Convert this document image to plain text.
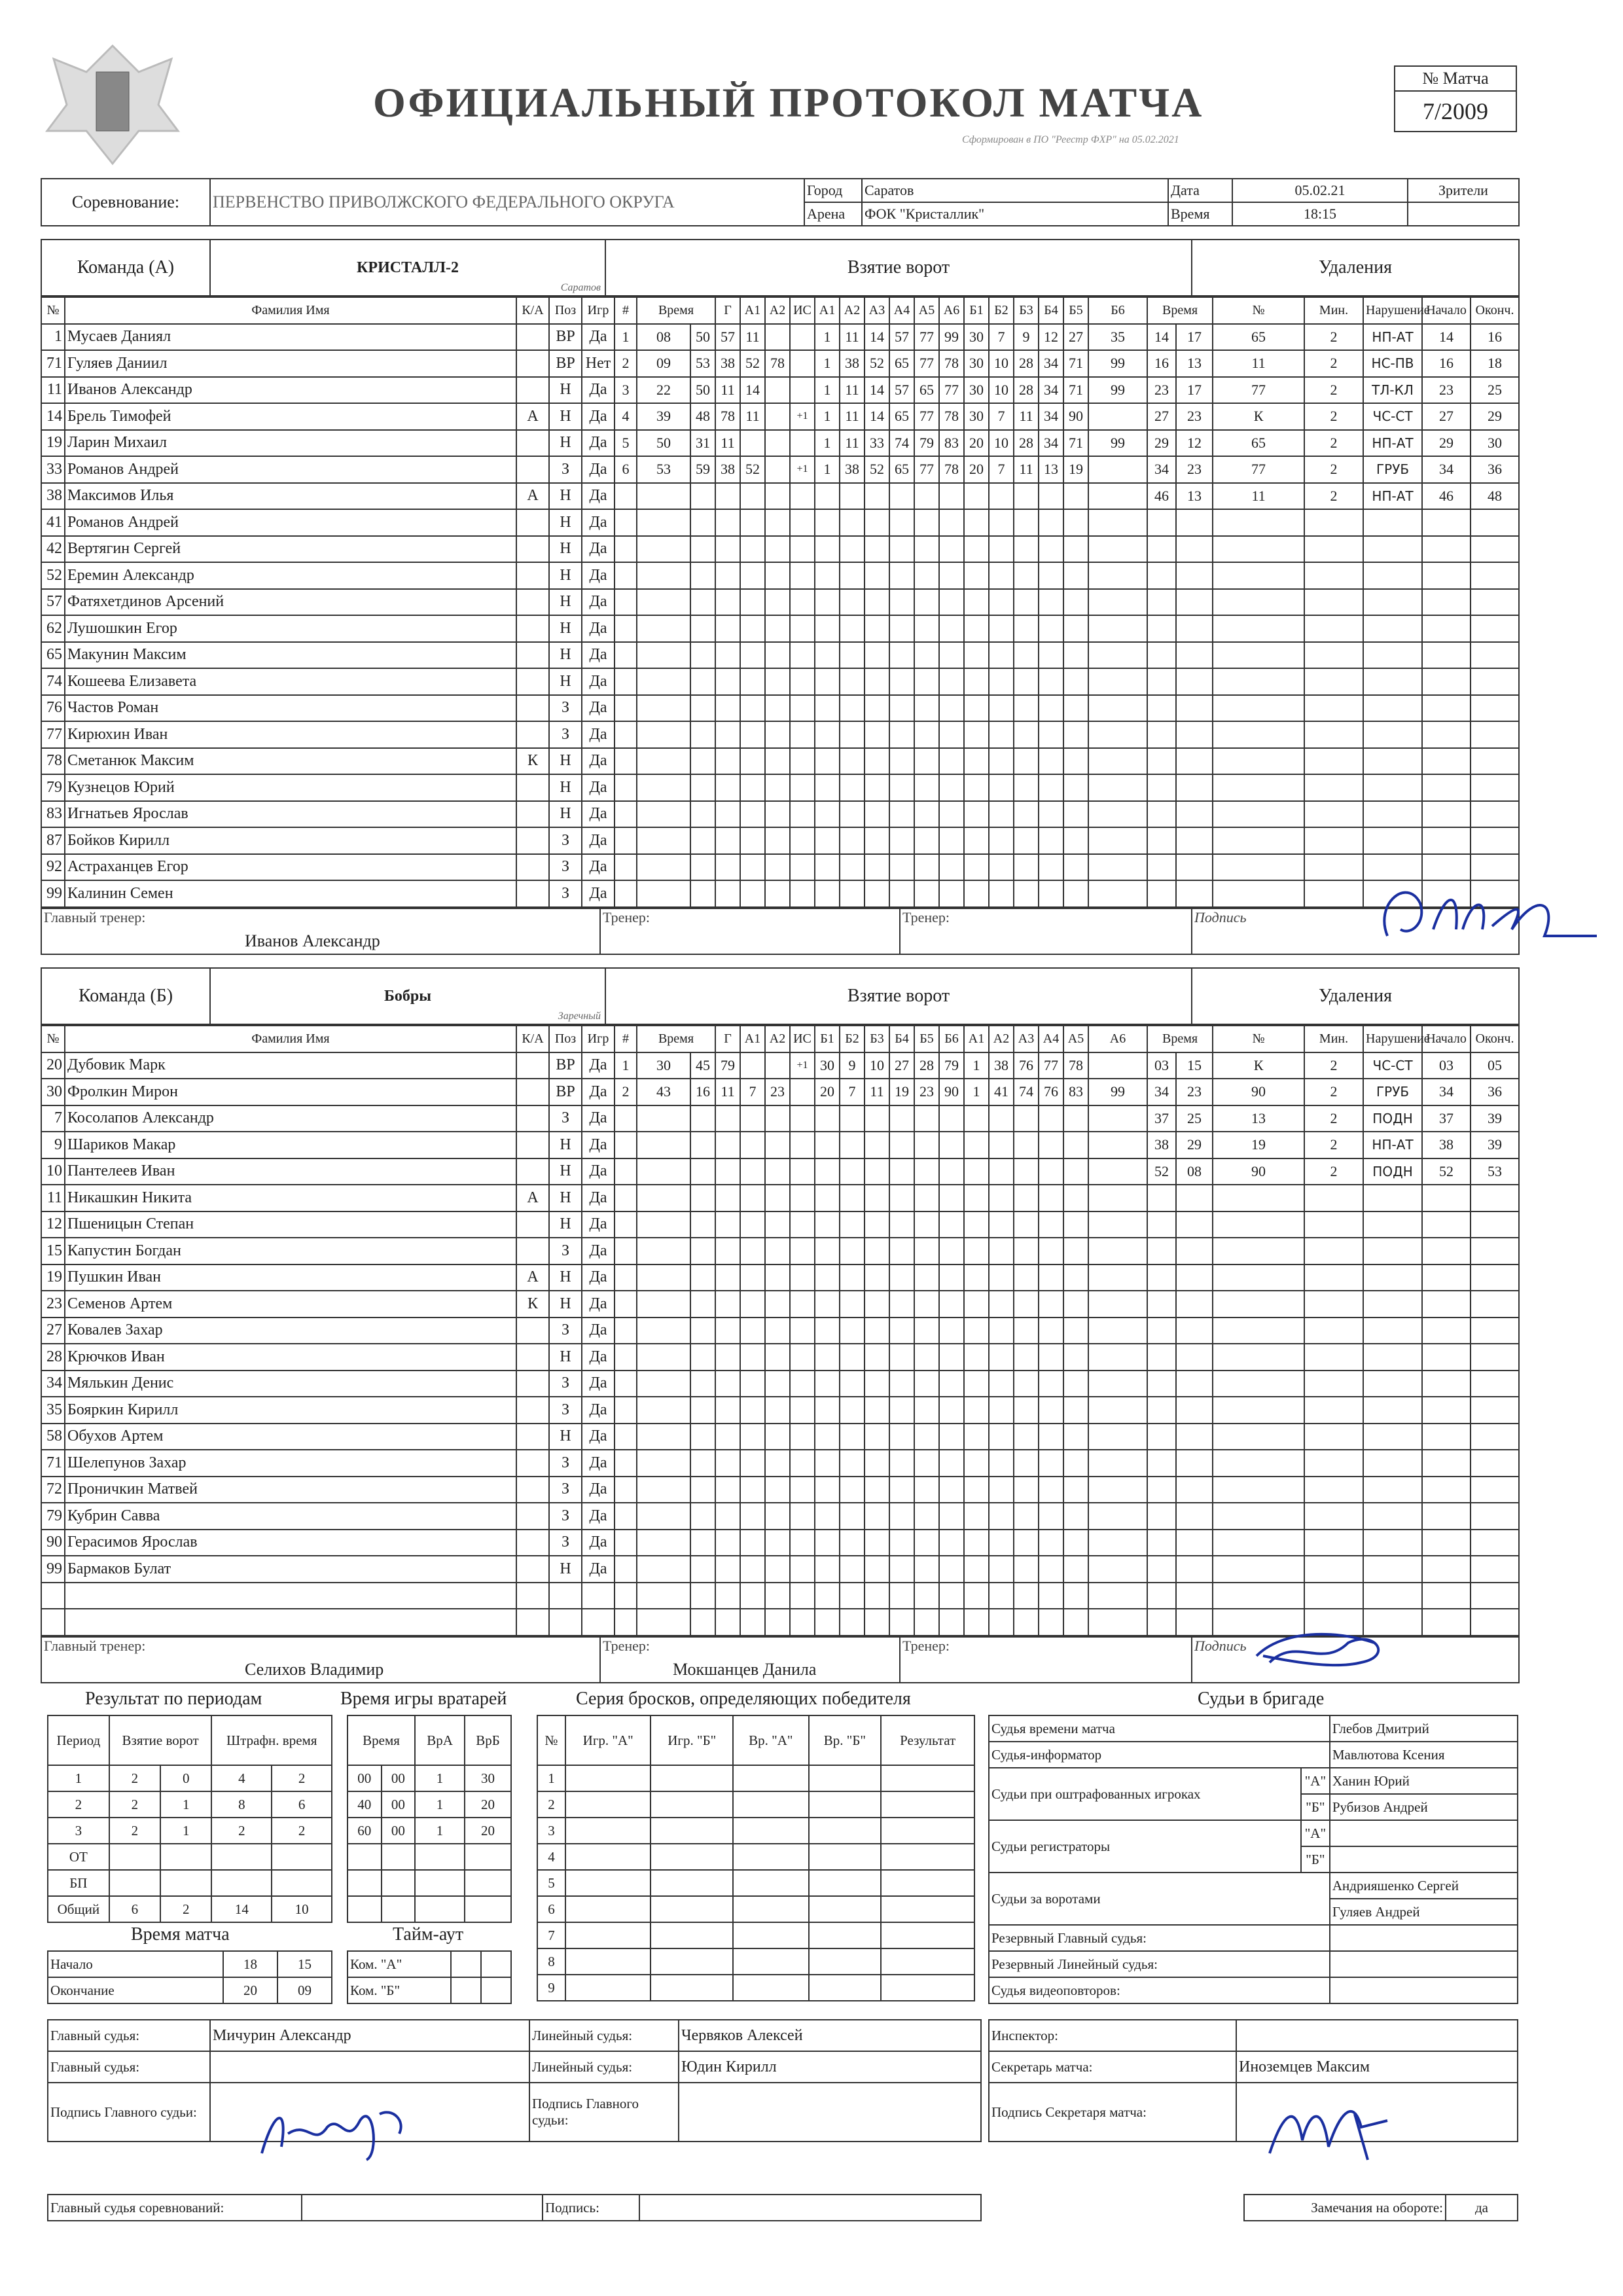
ОФИЦИАЛЬНЫЙ ПРОТОКОЛ МАТЧА
Сформирован в ПО "Реестр ФХР" на 05.02.2021
№ Матча
7/2009
Соревнование:	ПЕРВЕНСТВО ПРИВОЛЖСКОГО ФЕДЕРАЛЬНОГО ОКРУГА	Город	Саратов	Дата	05.02.21	Зрители
		Арена	ФОК "Кристаллик"	Время	18:15	
Команда (А)	КРИСТАЛЛ-2
Саратов
	Взятие ворот	Удаления
№	Фамилия Имя	К/А	Поз	Игр	#	Время		Г	А1	А2	ИС	А1	А2	А3	А4	А5	А6	Б1	Б2	Б3	Б4	Б5	Б6	Время		№	Мин.	Нарушение	Начало	Оконч.
1	Мусаев Даниял		ВР	Да	1	08	50	57	11			1	11	14	57	77	99	30	7	9	12	27	35	14	17	65	2	НП-АТ	14	16
71	Гуляев Даниил		ВР	Нет	2	09	53	38	52	78		1	38	52	65	77	78	30	10	28	34	71	99	16	13	11	2	НС-ПВ	16	18
11	Иванов Александр		Н	Да	3	22	50	11	14			1	11	14	57	65	77	30	10	28	34	71	99	23	17	77	2	ТЛ-КЛ	23	25
14	Брель Тимофей	А	Н	Да	4	39	48	78	11		+1	1	11	14	65	77	78	30	7	11	34	90		27	23	К	2	ЧС-СТ	27	29
19	Ларин Михаил		Н	Да	5	50	31	11				1	11	33	74	79	83	20	10	28	34	71	99	29	12	65	2	НП-АТ	29	30
33	Романов Андрей		З	Да	6	53	59	38	52		+1	1	38	52	65	77	78	20	7	11	13	19		34	23	77	2	ГРУБ	34	36
38	Максимов Илья	А	Н	Да																				46	13	11	2	НП-АТ	46	48
41	Романов Андрей		Н	Да																										
42	Вертягин Сергей		Н	Да																										
52	Еремин Александр		Н	Да																										
57	Фатяхетдинов Арсений		Н	Да																										
62	Лушошкин Егор		Н	Да																										
65	Макунин Максим		Н	Да																										
74	Кошеева Елизавета		Н	Да																										
76	Частов Роман		З	Да																										
77	Кирюхин Иван		З	Да																										
78	Сметанюк Максим	К	Н	Да																										
79	Кузнецов Юрий		Н	Да																										
83	Игнатьев Ярослав		Н	Да																										
87	Бойков Кирилл		З	Да																										
92	Астраханцев Егор		З	Да																										
99	Калинин Семен		З	Да																										
Главный тренер:
Иванов Александр
	Тренер:	Тренер:	Подпись
Команда (Б)	Бобры
Заречный
	Взятие ворот	Удаления
№	Фамилия Имя	К/А	Поз	Игр	#	Время		Г	А1	А2	ИС	Б1	Б2	Б3	Б4	Б5	Б6	А1	А2	А3	А4	А5	А6	Время		№	Мин.	Нарушение	Начало	Оконч.
20	Дубовик Марк		ВР	Да	1	30	45	79			+1	30	9	10	27	28	79	1	38	76	77	78		03	15	К	2	ЧС-СТ	03	05
30	Фролкин Мирон		ВР	Да	2	43	16	11	7	23		20	7	11	19	23	90	1	41	74	76	83	99	34	23	90	2	ГРУБ	34	36
7	Косолапов Александр		З	Да																				37	25	13	2	ПОДН	37	39
9	Шариков Макар		Н	Да																				38	29	19	2	НП-АТ	38	39
10	Пантелеев Иван		Н	Да																				52	08	90	2	ПОДН	52	53
11	Никашкин Никита	А	Н	Да																										
12	Пшеницын Степан		Н	Да																										
15	Капустин Богдан		З	Да																										
19	Пушкин Иван	А	Н	Да																										
23	Семенов Артем	К	Н	Да																										
27	Ковалев Захар		З	Да																										
28	Крючков Иван		Н	Да																										
34	Мялькин Денис		З	Да																										
35	Бояркин Кирилл		З	Да																										
58	Обухов Артем		Н	Да																										
71	Шелепунов Захар		З	Да																										
72	Проничкин Матвей		З	Да																										
79	Кубрин Савва		З	Да																										
90	Герасимов Ярослав		З	Да																										
99	Бармаков Булат		Н	Да																										

Главный тренер:
Селихов Владимир
	Тренер:
Мокшанцев Данила
	Тренер:	Подпись
Результат по периодам
Период	Взятие ворот		Штрафн. время	
1	2	0	4	2
2	2	1	8	6
3	2	1	2	2
ОТ				
БП				
Общий	6	2	14	10
Время игры вратарей
Время		ВрА	ВрБ
00	00	1	30
40	00	1	20
60	00	1	20

Время матча
Начало	18	15
Окончание	20	09
Тайм-аут
Ком. "А"		
Ком. "Б"		
Серия бросков, определяющих победителя
№	Игр. "А"	Игр. "Б"	Вр. "А"	Вр. "Б"	Результат
1					
2					
3					
4					
5					
6					
7					
8					
9					
Судьи в бригаде
Судья времени матча		Глебов Дмитрий
Судья-информатор		Мавлютова Ксения
Судьи при оштрафованных игроках	"А"	Ханин Юрий
	"Б"	Рубизов Андрей
Судьи регистраторы	"А"	
	"Б"	
Судьи за воротами		Андрияшенко Сергей
		Гуляев Андрей
Резервный Главный судья:		
Резервный Линейный судья:		
Судья видеоповторов:		
Главный судья:	Мичурин Александр	Линейный судья:	Червяков Алексей
Главный судья:		Линейный судья:	Юдин Кирилл
Подпись Главного судьи:		Подпись Главного судьи:	
Инспектор:	
Секретарь матча:	Иноземцев Максим
Подпись Секретаря матча:	
Главный судья соревнований:		Подпись:		Замечания на обороте:	да
